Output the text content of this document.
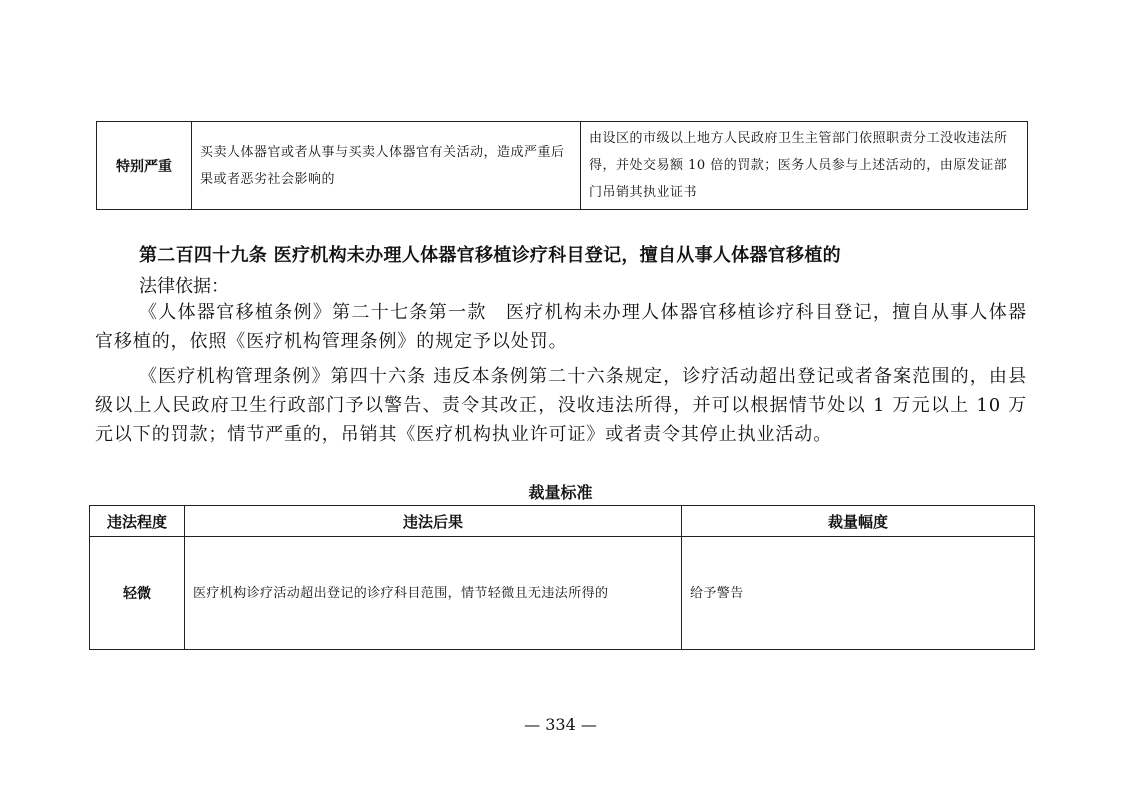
特别严重	买卖人体器官或者从事与买卖人体器官有关活动，造成严重后果或者恶劣社会影响的	由设区的市级以上地方人民政府卫生主管部门依照职责分工没收违法所得，并处交易额 10 倍的罚款；医务人员参与上述活动的，由原发证部门吊销其执业证书

第二百四十九条 医疗机构未办理人体器官移植诊疗科目登记，擅自从事人体器官移植的

法律依据：

《人体器官移植条例》第二十七条第一款　医疗机构未办理人体器官移植诊疗科目登记，擅自从事人体器官移植的，依照《医疗机构管理条例》的规定予以处罚。

《医疗机构管理条例》第四十六条 违反本条例第二十六条规定，诊疗活动超出登记或者备案范围的，由县级以上人民政府卫生行政部门予以警告、责令其改正，没收违法所得，并可以根据情节处以 1 万元以上 10 万元以下的罚款；情节严重的，吊销其《医疗机构执业许可证》或者责令其停止执业活动。

裁量标准
违法程度	违法后果	裁量幅度
轻微	医疗机构诊疗活动超出登记的诊疗科目范围，情节轻微且无违法所得的	给予警告
— 334 —
